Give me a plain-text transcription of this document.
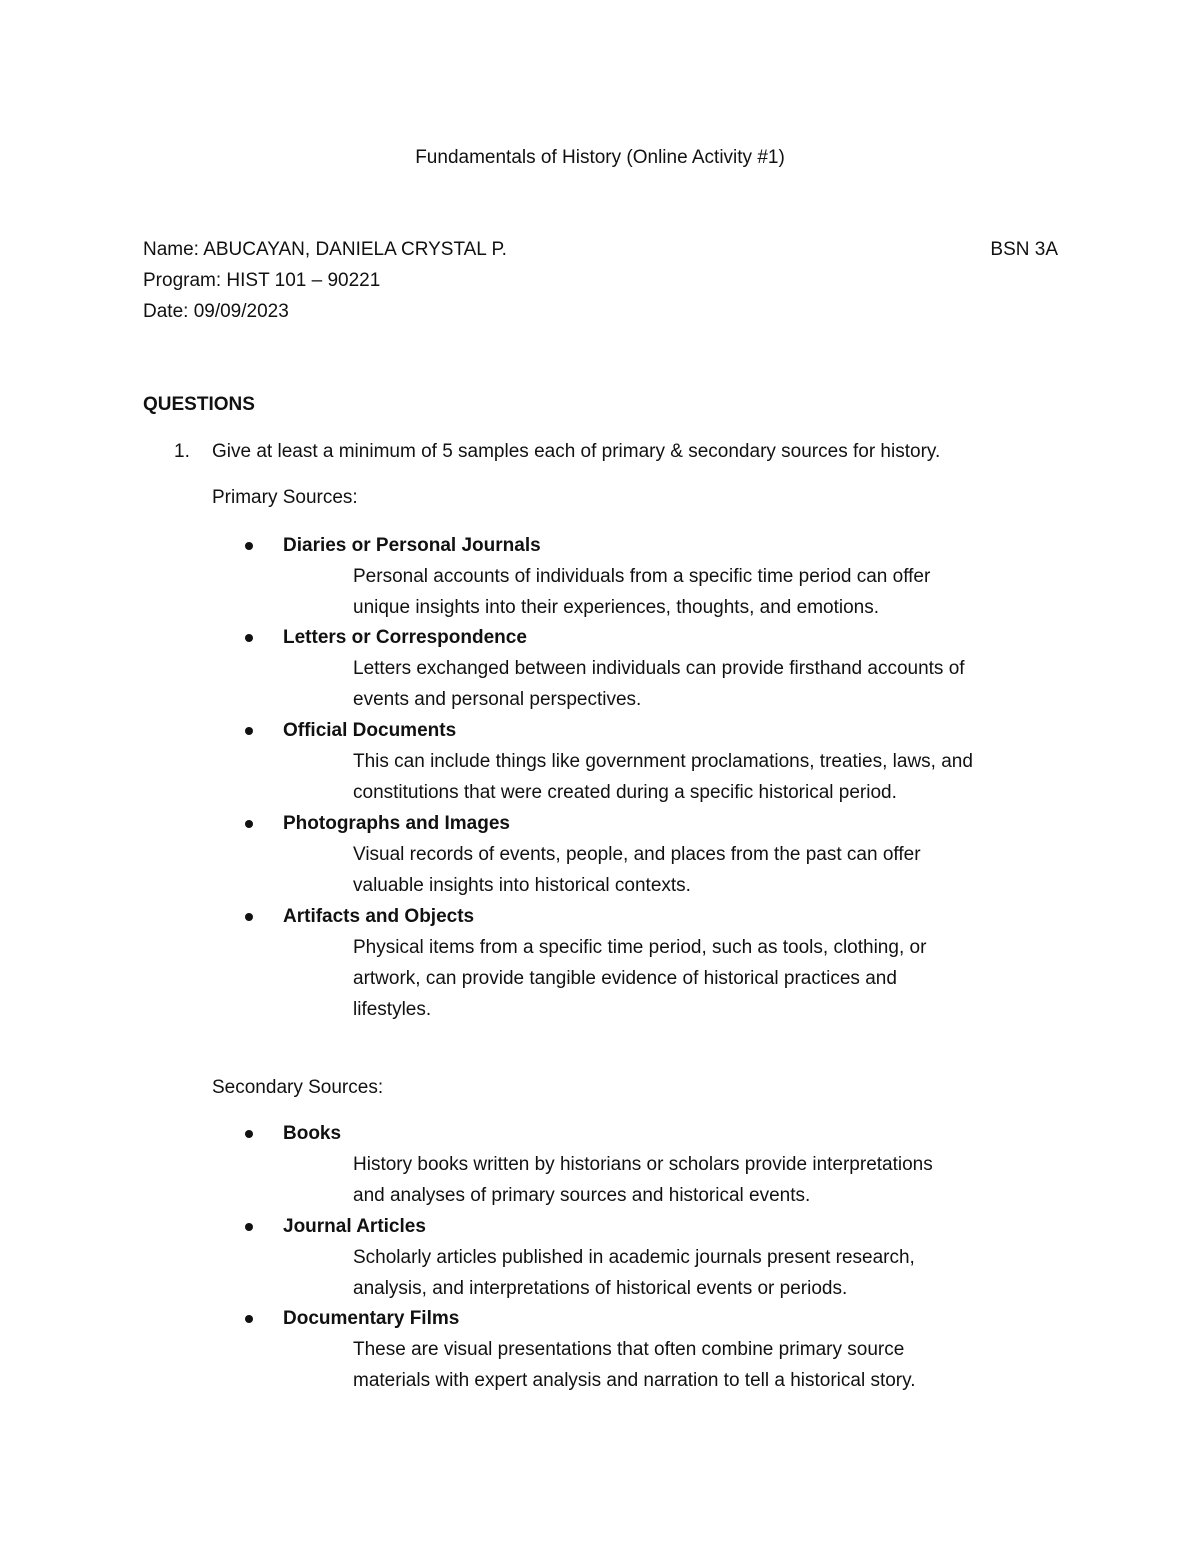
Fundamentals of History (Online Activity #1)
Name: ABUCAYAN, DANIELA CRYSTAL P.	BSN 3A
Program: HIST 101 – 90221
Date: 09/09/2023
QUESTIONS
1. Give at least a minimum of 5 samples each of primary & secondary sources for history.
Primary Sources:
Diaries or Personal Journals
Personal accounts of individuals from a specific time period can offer
unique insights into their experiences, thoughts, and emotions.
Letters or Correspondence
Letters exchanged between individuals can provide firsthand accounts of
events and personal perspectives.
Official Documents
This can include things like government proclamations, treaties, laws, and
constitutions that were created during a specific historical period.
Photographs and Images
Visual records of events, people, and places from the past can offer
valuable insights into historical contexts.
Artifacts and Objects
Physical items from a specific time period, such as tools, clothing, or
artwork, can provide tangible evidence of historical practices and
lifestyles.
Secondary Sources:
Books
History books written by historians or scholars provide interpretations
and analyses of primary sources and historical events.
Journal Articles
Scholarly articles published in academic journals present research,
analysis, and interpretations of historical events or periods.
Documentary Films
These are visual presentations that often combine primary source
materials with expert analysis and narration to tell a historical story.
